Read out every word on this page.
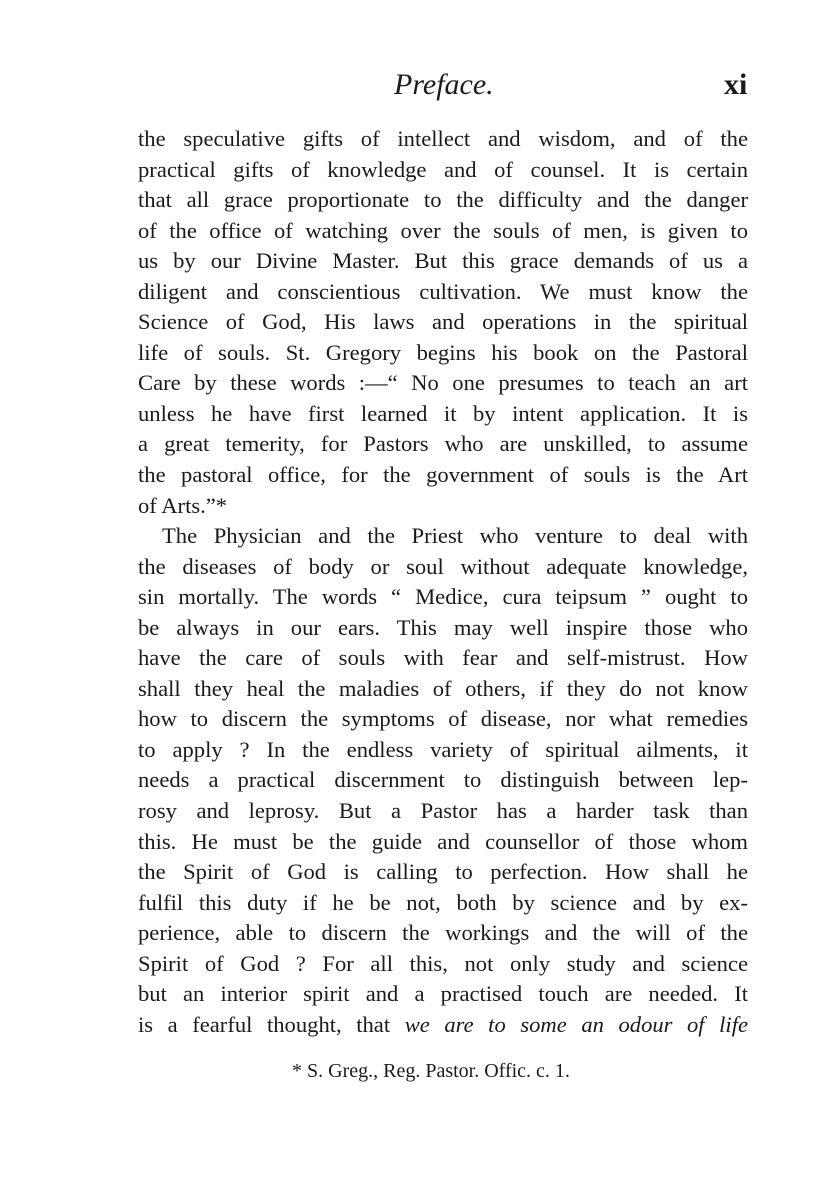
Preface.	xi
the speculative gifts of intellect and wisdom, and of the
practical gifts of knowledge and of counsel. It is certain
that all grace proportionate to the difficulty and the danger
of the office of watching over the souls of men, is given to
us by our Divine Master. But this grace demands of us a
diligent and conscientious cultivation. We must know the
Science of God, His laws and operations in the spiritual
life of souls. St. Gregory begins his book on the Pastoral
Care by these words :—“ No one presumes to teach an art
unless he have first learned it by intent application. It is
a great temerity, for Pastors who are unskilled, to assume
the pastoral office, for the government of souls is the Art
of Arts.”*
The Physician and the Priest who venture to deal with
the diseases of body or soul without adequate knowledge,
sin mortally. The words “ Medice, cura teipsum ” ought to
be always in our ears. This may well inspire those who
have the care of souls with fear and self-mistrust. How
shall they heal the maladies of others, if they do not know
how to discern the symptoms of disease, nor what remedies
to apply ? In the endless variety of spiritual ailments, it
needs a practical discernment to distinguish between lep-
rosy and leprosy. But a Pastor has a harder task than
this. He must be the guide and counsellor of those whom
the Spirit of God is calling to perfection. How shall he
fulfil this duty if he be not, both by science and by ex-
perience, able to discern the workings and the will of the
Spirit of God ? For all this, not only study and science
but an interior spirit and a practised touch are needed. It
is a fearful thought, that we are to some an odour of life
* S. Greg., Reg. Pastor. Offic. c. 1.
